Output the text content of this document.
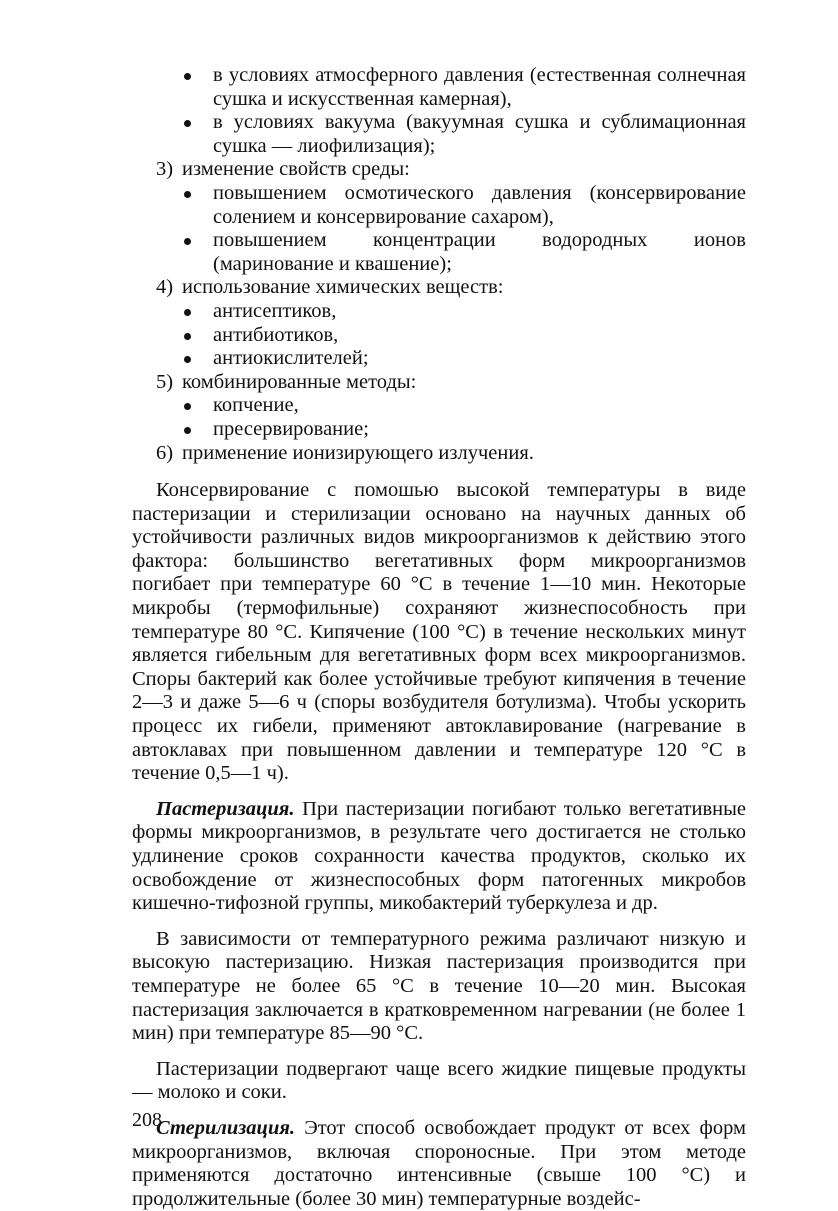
в условиях атмосферного давления (естественная солнечная сушка и искусственная камерная),
в условиях вакуума (вакуумная сушка и сублимационная сушка — лиофилизация);
3) изменение свойств среды:
повышением осмотического давления (консервирование солением и консервирование сахаром),
повышением концентрации водородных ионов (маринование и квашение);
4) использование химических веществ:
антисептиков,
антибиотиков,
антиокислителей;
5) комбинированные методы:
копчение,
пресервирование;
6) применение ионизирующего излучения.

Консервирование с помошью высокой температуры в виде пастеризации и стерилизации основано на научных данных об устойчивости различных видов микроорганизмов к действию этого фактора: большинство вегетативных форм микроорганизмов погибает при температуре 60 °С в течение 1—10 мин. Некоторые микробы (термофильные) сохраняют жизнеспособность при температуре 80 °С. Кипячение (100 °С) в течение нескольких минут является гибельным для вегетативных форм всех микроорганизмов. Споры бактерий как более устойчивые требуют кипячения в течение 2—3 и даже 5—6 ч (споры возбудителя ботулизма). Чтобы ускорить процесс их гибели, применяют автоклавирование (нагревание в автоклавах при повышенном давлении и температуре 120 °С в течение 0,5—1 ч).

Пастеризация. При пастеризации погибают только вегетативные формы микроорганизмов, в результате чего достигается не столько удлинение сроков сохранности качества продуктов, сколько их освобождение от жизнеспособных форм патогенных микробов кишечно-тифозной группы, микобактерий туберкулеза и др.

В зависимости от температурного режима различают низкую и высокую пастеризацию. Низкая пастеризация производится при температуре не более 65 °С в течение 10—20 мин. Высокая пастеризация заключается в кратковременном нагревании (не более 1 мин) при температуре 85—90 °С.

Пастеризации подвергают чаще всего жидкие пищевые продукты — молоко и соки.

Стерилизация. Этот способ освобождает продукт от всех форм микроорганизмов, включая спороносные. При этом методе применяются достаточно интенсивные (свыше 100 °С) и продолжительные (более 30 мин) температурные воздейс-

208
